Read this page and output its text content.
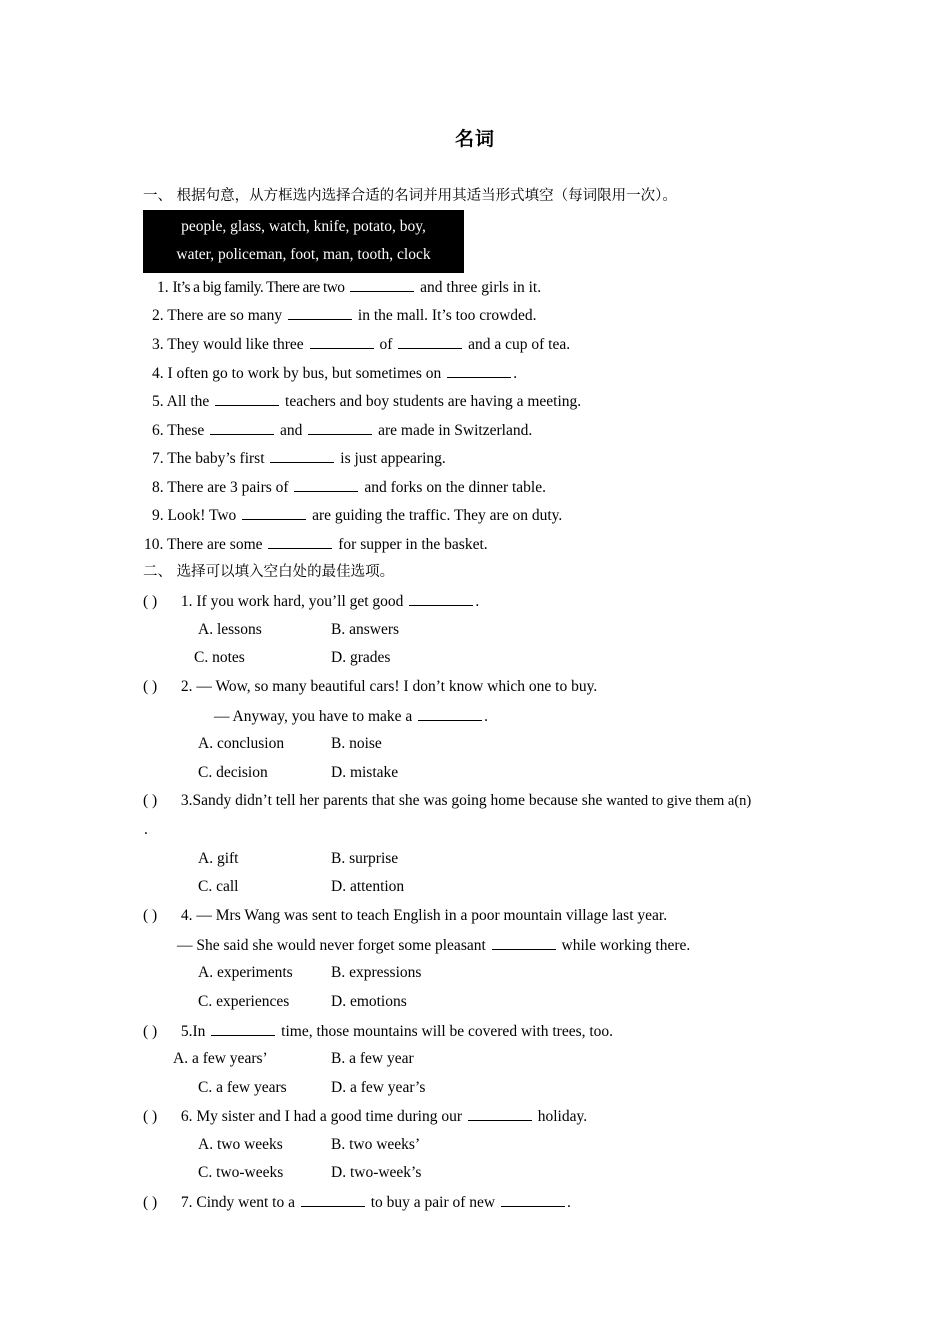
名词
一、 根据句意，从方框选内选择合适的名词并用其适当形式填空（每词限用一次）。
people, glass, watch, knife, potato, boy,
water, policeman, foot, man, tooth, clock
1. It’s a big family. There are two	and three girls in it.
2. There are so many	in the mall. It’s too crowded.
3. They would like three	of	and a cup of tea.
4. I often go to work by bus, but sometimes on	.
5. All the	teachers and boy students are having a meeting.
6. These	and	are made in Switzerland.
7. The baby’s first	is just appearing.
8. There are 3 pairs of	and forks on the dinner table.
9. Look! Two	are guiding the traffic. They are on duty.
10. There are some	for supper in the basket.
二、 选择可以填入空白处的最佳选项。
( ) 1. If you work hard, you’ll get good	.
A. lessons	B. answers
C. notes	D. grades
( ) 2. — Wow, so many beautiful cars! I don’t know which one to buy.
— Anyway, you have to make a	.
A. conclusion	B. noise
C. decision	D. mistake
( ) 3.Sandy didn’t tell her parents that she was going home because she wanted to give them a(n)
.
A. gift	B. surprise
C. call	D. attention
( ) 4. — Mrs Wang was sent to teach English in a poor mountain village last year.
— She said she would never forget some pleasant	while working there.
A. experiments B. expressions
C. experiences	D. emotions
( ) 5.In	time, those mountains will be covered with trees, too.
A. a few years’	B. a few year
C. a few years	D. a few year’s
( ) 6. My sister and I had a good time during our	holiday.
A. two weeks	B. two weeks’
C. two-weeks	D. two-week’s
( ) 7. Cindy went to a	to buy a pair of new	.
